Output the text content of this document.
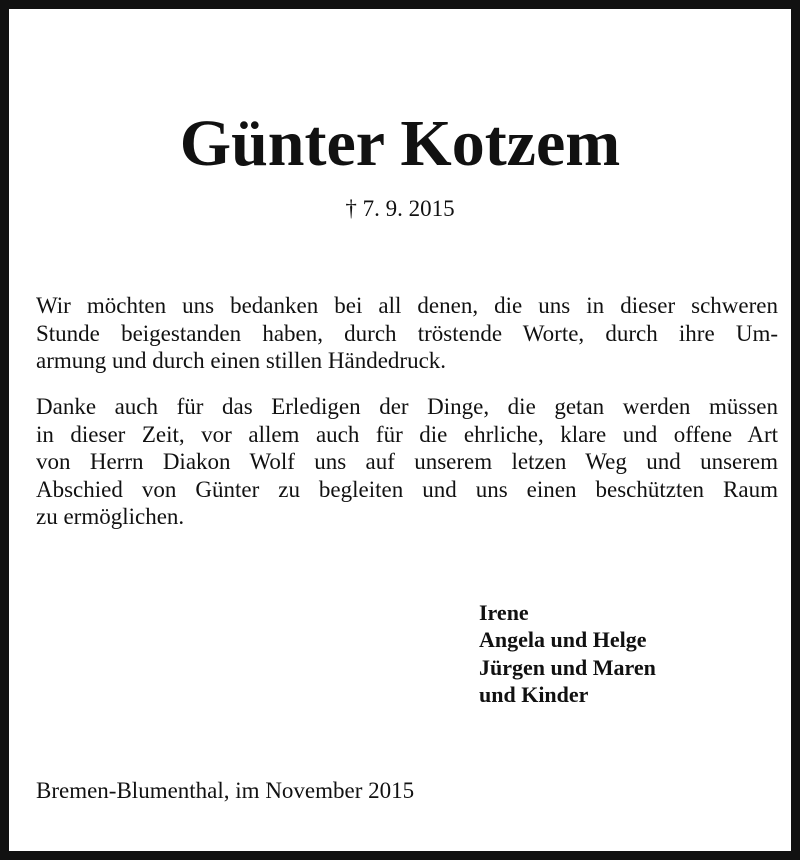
Günter Kotzem

† 7. 9. 2015

Wir möchten uns bedanken bei all denen, die uns in dieser schweren
Stunde beigestanden haben, durch tröstende Worte, durch ihre Um-
armung und durch einen stillen Händedruck.

Danke auch für das Erledigen der Dinge, die getan werden müssen
in dieser Zeit, vor allem auch für die ehrliche, klare und offene Art
von Herrn Diakon Wolf uns auf unserem letzen Weg und unserem
Abschied von Günter zu begleiten und uns einen beschützten Raum
zu ermöglichen.

Irene
Angela und Helge
Jürgen und Maren
und Kinder

Bremen-Blumenthal, im November 2015
